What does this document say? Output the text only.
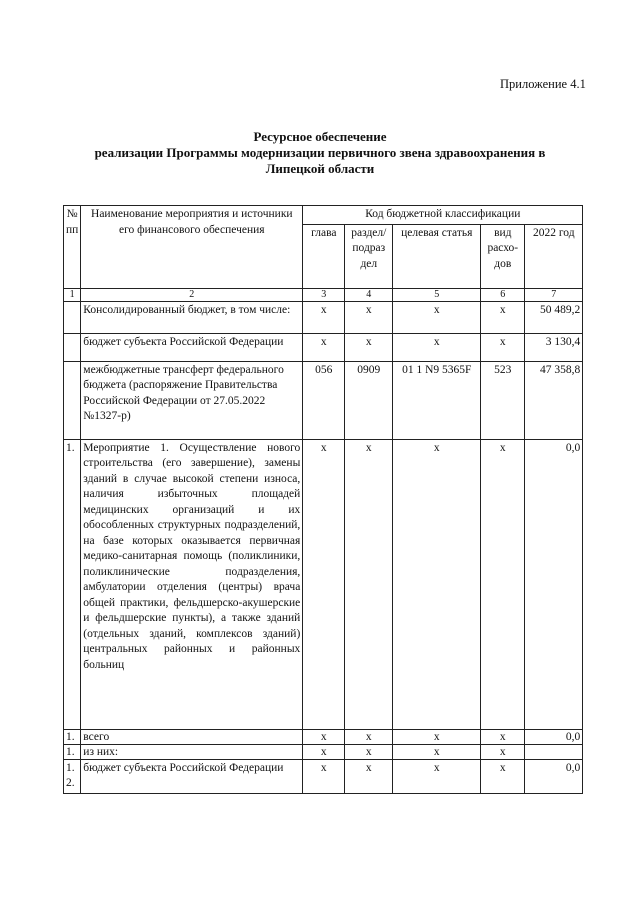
Приложение 4.1
Ресурсное обеспечение
реализации Программы модернизации первичного звена здравоохранения в
Липецкой области
№ пп	Наименование мероприятия и источники его финансового обеспечения	Код бюджетной классификации				
		глава	раздел/ подраз дел	целевая статья	вид расхо- дов	2022 год
1	2	3	4	5	6	7
	Консолидированный бюджет, в том числе:	х	х	х	х	50 489,2
	бюджет субъекта Российской Федерации	х	х	х	х	3 130,4
	межбюджетные трансферт федерального бюджета (распоряжение Правительства Российской Федерации от 27.05.2022 №1327-р)	056	0909	01 1 N9 5365F	523	47 358,8
1.	Мероприятие 1. Осуществление нового строительства (его завершение), замены зданий в случае высокой степени износа, наличия избыточных площадей медицинских организаций и их обособленных структурных подразделений, на базе которых оказывается первичная медико-санитарная помощь (поликлиники, поликлинические подразделения, амбулатории отделения (центры) врача общей практики, фельдшерско-акушерские и фельдшерские пункты), а также зданий (отдельных зданий, комплексов зданий) центральных районных и районных больниц	х	х	х	х	0,0
1.	всего	х	х	х	х	0,0
1.	из них:	х	х	х	х	
1. 2.	бюджет субъекта Российской Федерации	х	х	х	х	0,0
